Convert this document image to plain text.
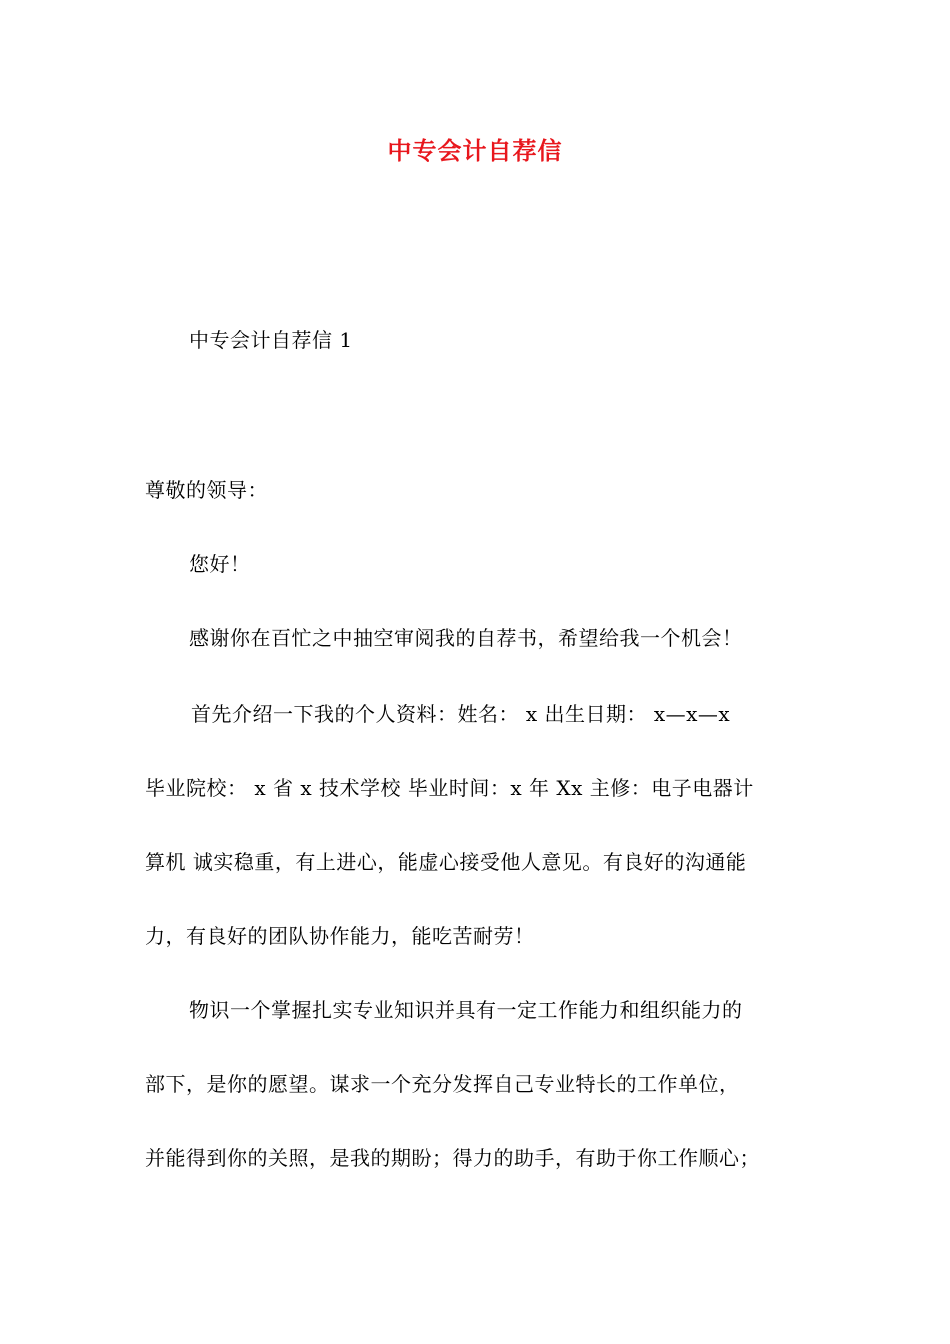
中专会计自荐信
中专会计自荐信 1
尊敬的领导：
您好！
感谢你在百忙之中抽空审阅我的自荐书，希望给我一个机会！
首先介绍一下我的个人资料：姓名： x 出生日期： x—x—x
毕业院校： x 省 x 技术学校 毕业时间：x 年 Xx 主修：电子电器计
算机 诚实稳重，有上进心，能虚心接受他人意见。有良好的沟通能
力，有良好的团队协作能力，能吃苦耐劳！
物识一个掌握扎实专业知识并具有一定工作能力和组织能力的
部下，是你的愿望。谋求一个充分发挥自己专业特长的工作单位，
并能得到你的关照，是我的期盼；得力的助手，有助于你工作顺心；
